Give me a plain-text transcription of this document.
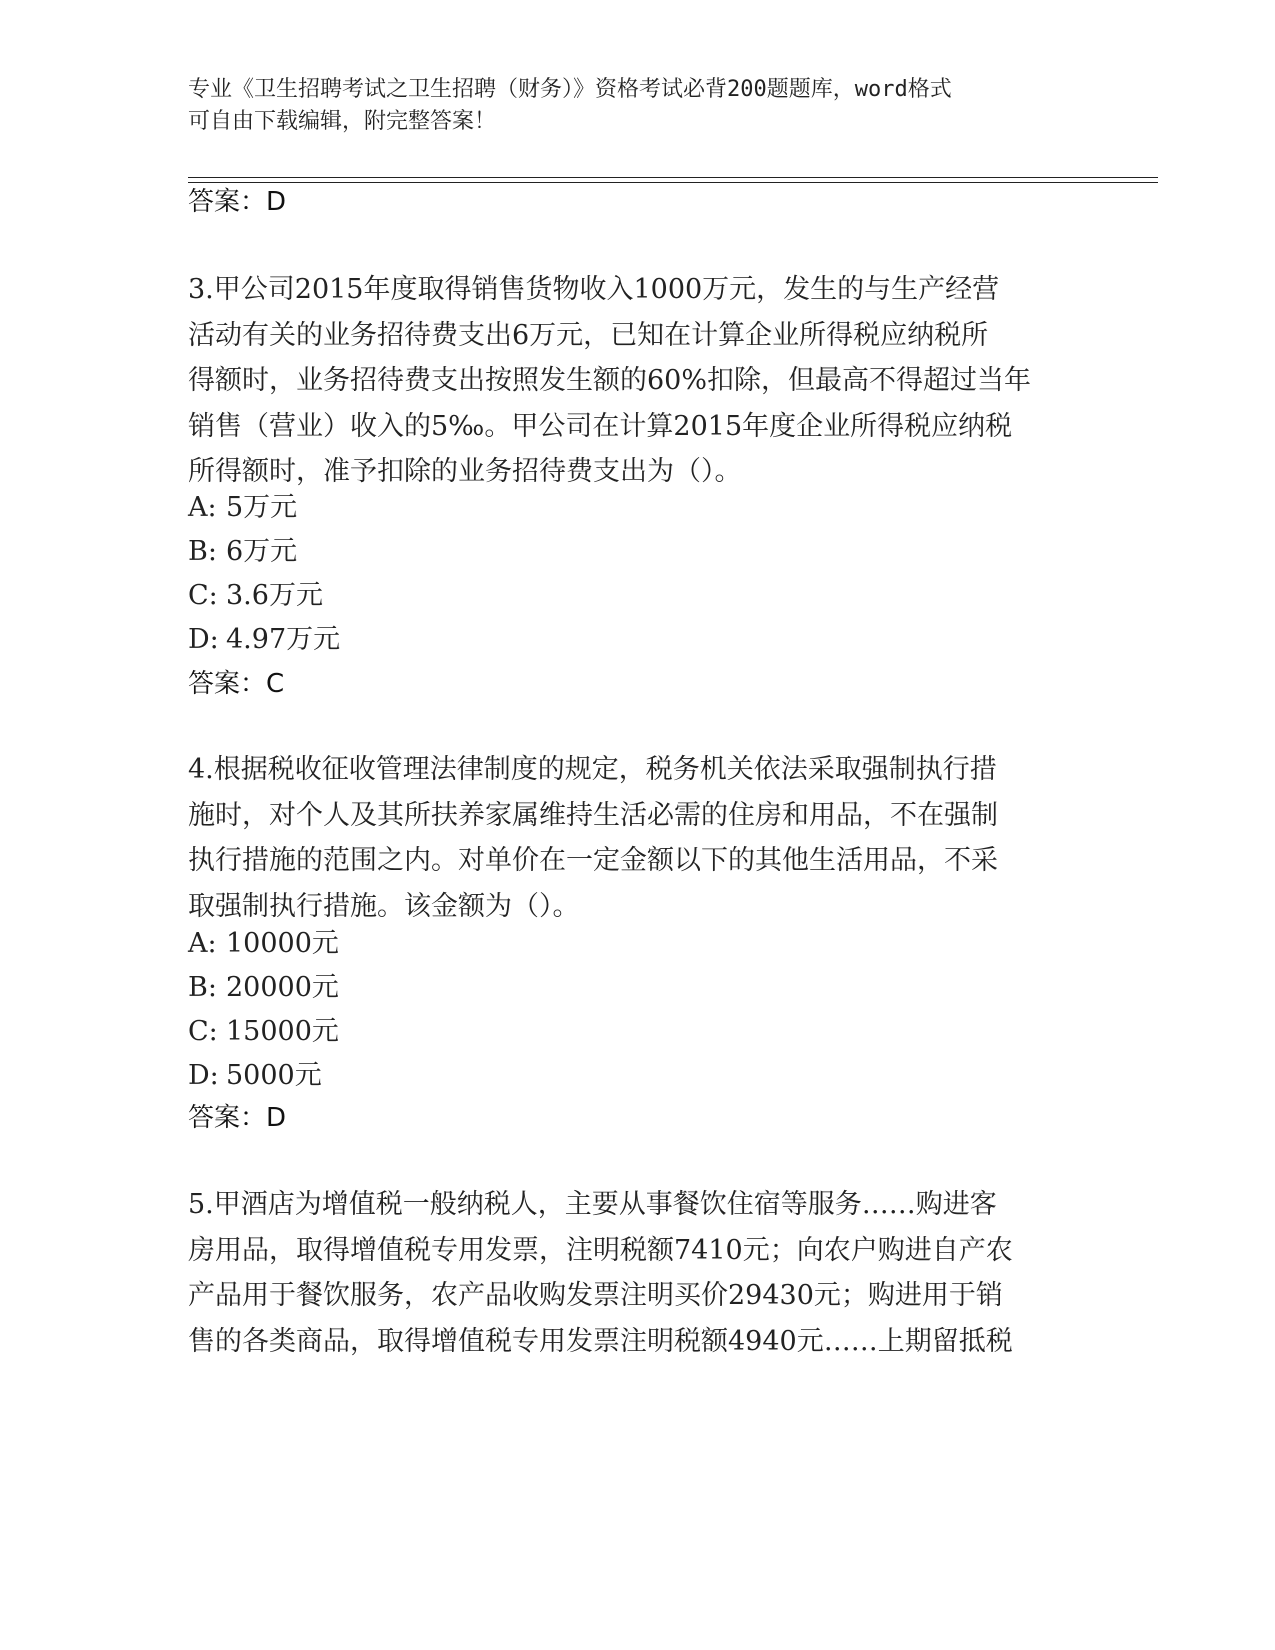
专业《卫生招聘考试之卫生招聘（财务）》资格考试必背200题题库，word格式
可自由下载编辑，附完整答案！
答案：D
3.甲公司2015年度取得销售货物收入1000万元，发生的与生产经营
活动有关的业务招待费支出6万元，已知在计算企业所得税应纳税所
得额时，业务招待费支出按照发生额的60%扣除，但最高不得超过当年
销售（营业）收入的5‰。甲公司在计算2015年度企业所得税应纳税
所得额时，准予扣除的业务招待费支出为（）。
A: 5万元
B: 6万元
C: 3.6万元
D: 4.97万元
答案：C
4.根据税收征收管理法律制度的规定，税务机关依法采取强制执行措
施时，对个人及其所扶养家属维持生活必需的住房和用品，不在强制
执行措施的范围之内。对单价在一定金额以下的其他生活用品，不采
取强制执行措施。该金额为（）。
A: 10000元
B: 20000元
C: 15000元
D: 5000元
答案：D
5.甲酒店为增值税一般纳税人，主要从事餐饮住宿等服务……购进客
房用品，取得增值税专用发票，注明税额7410元；向农户购进自产农
产品用于餐饮服务，农产品收购发票注明买价29430元；购进用于销
售的各类商品，取得增值税专用发票注明税额4940元……上期留抵税
